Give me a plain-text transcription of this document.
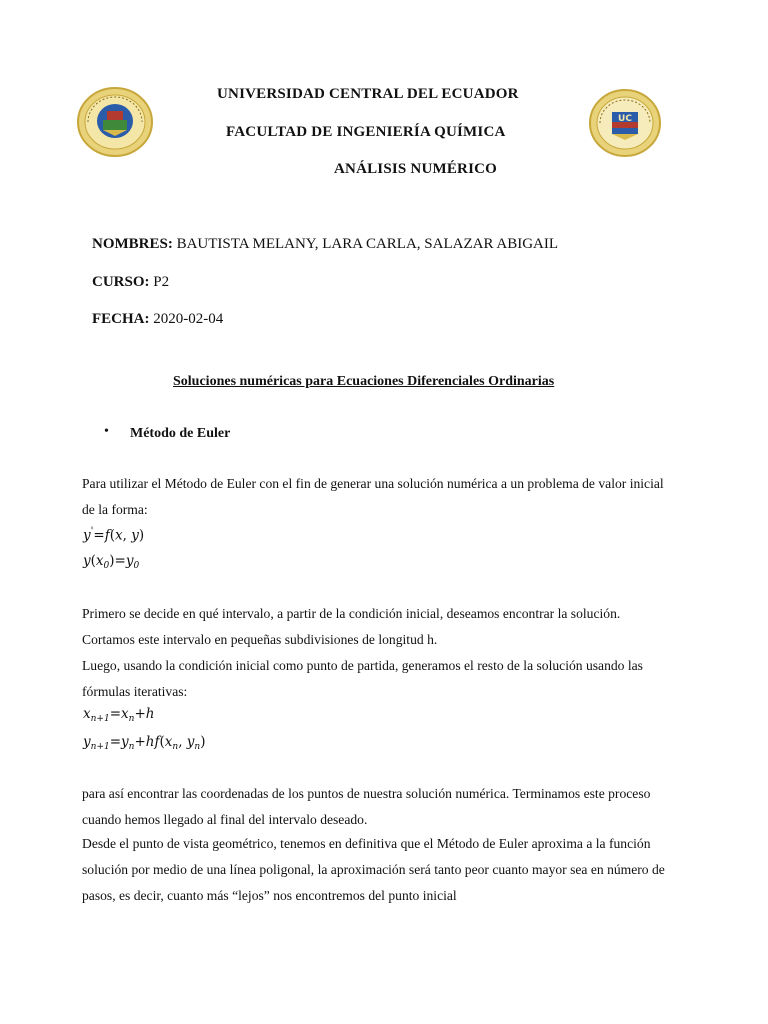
UC
UNIVERSIDAD CENTRAL DEL ECUADOR
FACULTAD DE INGENIERÍA QUÍMICA
ANÁLISIS NUMÉRICO
NOMBRES: BAUTISTA MELANY, LARA CARLA, SALAZAR ABIGAIL
CURSO: P2
FECHA: 2020-02-04
Soluciones numéricas para Ecuaciones Diferenciales Ordinarias
• Método de Euler
Para utilizar el Método de Euler con el fin de generar una solución numérica a un problema de valor inicial de la forma:
y'=f(x, y)
$y(x_0)=y_0$
Primero se decide en qué intervalo, a partir de la condición inicial, deseamos encontrar la solución. Cortamos este intervalo en pequeñas subdivisiones de longitud h.
Luego, usando la condición inicial como punto de partida, generamos el resto de la solución usando las fórmulas iterativas:
$x_{n+1}=x_n+h$
$y_{n+1}=y_n+hf(x_n$, $y_n$)
para así encontrar las coordenadas de los puntos de nuestra solución numérica. Terminamos este proceso cuando hemos llegado al final del intervalo deseado.
Desde el punto de vista geométrico, tenemos en definitiva que el Método de Euler aproxima a la función solución por medio de una línea poligonal, la aproximación será tanto peor cuanto mayor sea en número de pasos, es decir, cuanto más “lejos” nos encontremos del punto inicial
